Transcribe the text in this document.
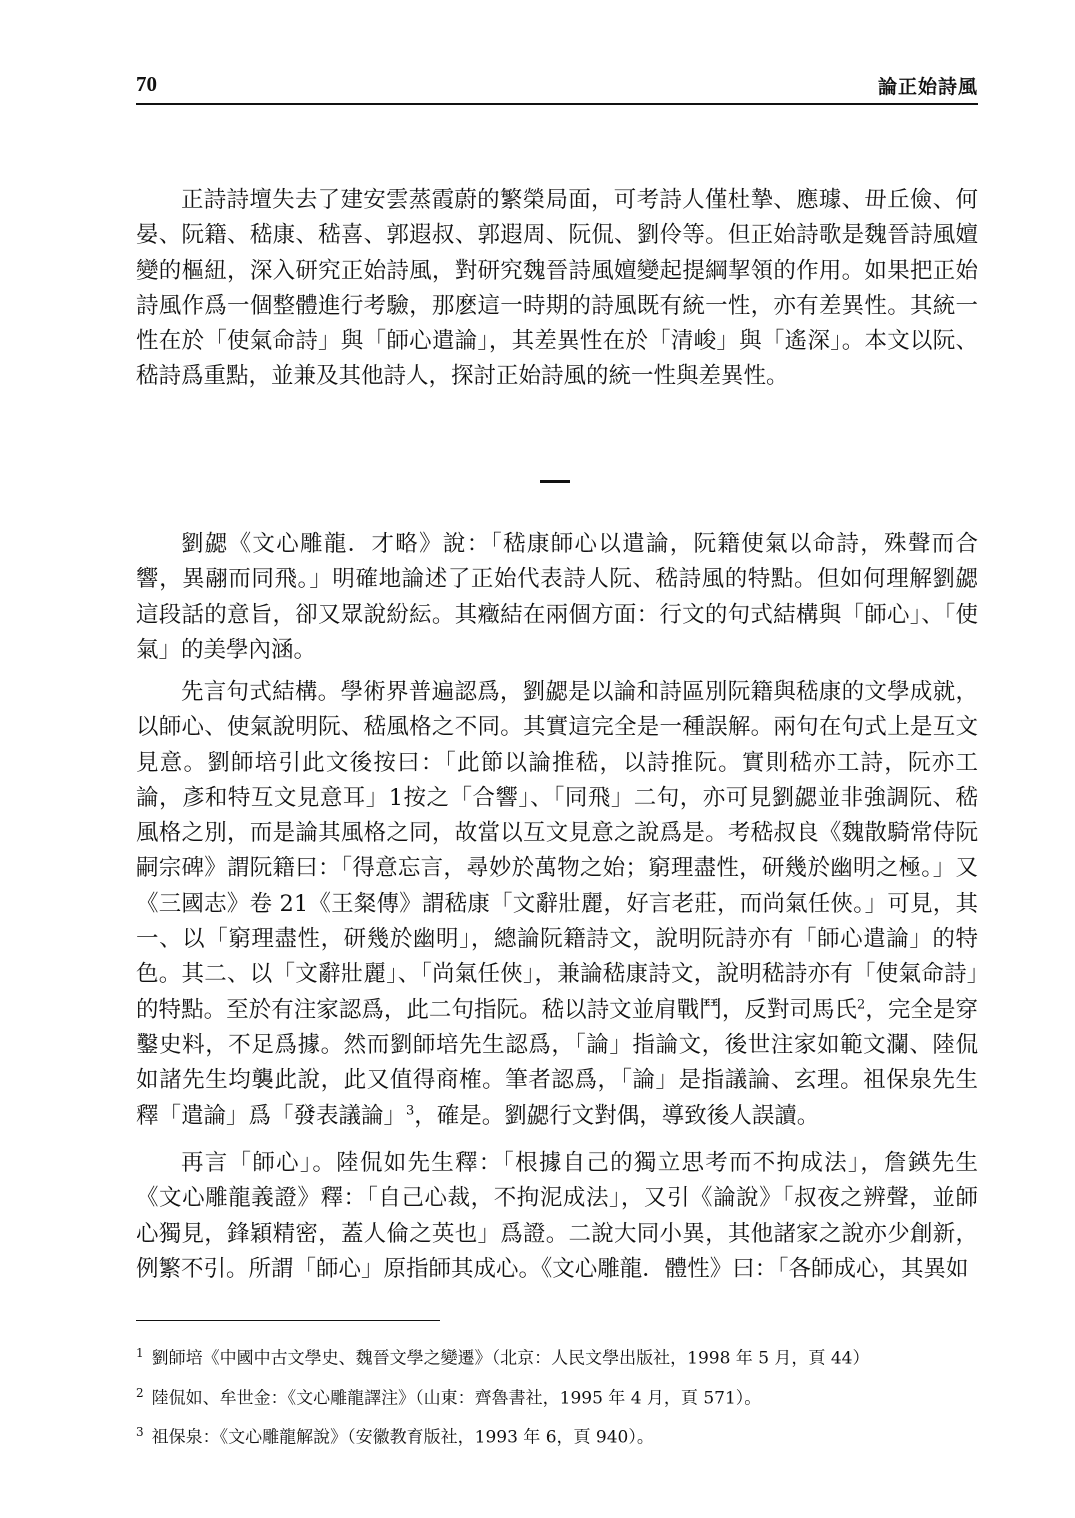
70	論正始詩風

正詩詩壇失去了建安雲蒸霞蔚的繁榮局面，可考詩人僅杜摯、應璩、毌丘儉、何晏、阮籍、嵇康、嵇喜、郭遐叔、郭遐周、阮侃、劉伶等。但正始詩歌是魏晉詩風嬗變的樞紐，深入研究正始詩風，對研究魏晉詩風嬗變起提綱挈領的作用。如果把正始詩風作爲一個整體進行考驗，那麽這一時期的詩風既有統一性，亦有差異性。其統一性在於「使氣命詩」與「師心遣論」，其差異性在於「清峻」與「遙深」。本文以阮、嵇詩爲重點，並兼及其他詩人，探討正始詩風的統一性與差異性。

劉勰《文心雕龍．才略》說：「嵇康師心以遣論，阮籍使氣以命詩，殊聲而合響，異翮而同飛。」明確地論述了正始代表詩人阮、嵇詩風的特點。但如何理解劉勰這段話的意旨，卻又眾說紛紜。其癥結在兩個方面：行文的句式結構與「師心」、「使氣」的美學內涵。

先言句式結構。學術界普遍認爲，劉勰是以論和詩區別阮籍與嵇康的文學成就，以師心、使氣說明阮、嵇風格之不同。其實這完全是一種誤解。兩句在句式上是互文見意。劉師培引此文後按曰：「此節以論推嵇，以詩推阮。實則嵇亦工詩，阮亦工論，彥和特互文見意耳」1按之「合響」、「同飛」二句，亦可見劉勰並非強調阮、嵇風格之別，而是論其風格之同，故當以互文見意之說爲是。考嵇叔良《魏散騎常侍阮嗣宗碑》謂阮籍曰：「得意忘言，尋妙於萬物之始；窮理盡性，研幾於幽明之極。」又《三國志》卷 21《王粲傳》謂嵇康「文辭壯麗，好言老莊，而尚氣任俠。」可見，其一、以「窮理盡性，研幾於幽明」，總論阮籍詩文，說明阮詩亦有「師心遣論」的特色。其二、以「文辭壯麗」、「尚氣任俠」，兼論嵇康詩文，說明嵇詩亦有「使氣命詩」的特點。至於有注家認爲，此二句指阮。嵇以詩文並肩戰鬥，反對司馬氏$^2$，完全是穿鑿史料，不足爲據。然而劉師培先生認爲，「論」指論文，後世注家如範文瀾、陸侃如諸先生均襲此說，此又值得商榷。筆者認爲，「論」是指議論、玄理。祖保泉先生釋「遣論」爲「發表議論」$^3$，確是。劉勰行文對偶，導致後人誤讀。

再言「師心」。陸侃如先生釋：「根據自己的獨立思考而不拘成法」，詹鍈先生《文心雕龍義證》釋：「自己心裁，不拘泥成法」，又引《論說》「叔夜之辨聲，並師心獨見，鋒穎精密，蓋人倫之英也」爲證。二說大同小異，其他諸家之說亦少創新，例繁不引。所謂「師心」原指師其成心。《文心雕龍．體性》曰：「各師成心，其異如

$^1$ 劉師培《中國中古文學史、魏晉文學之變遷》（北京：人民文學出版社，1998 年 5 月，頁 44）

$^2$ 陸侃如、牟世金：《文心雕龍譯注》（山東：齊魯書社，1995 年 4 月，頁 571）。

$^3$ 祖保泉：《文心雕龍解說》（安徽教育版社，1993 年 6，頁 940）。
